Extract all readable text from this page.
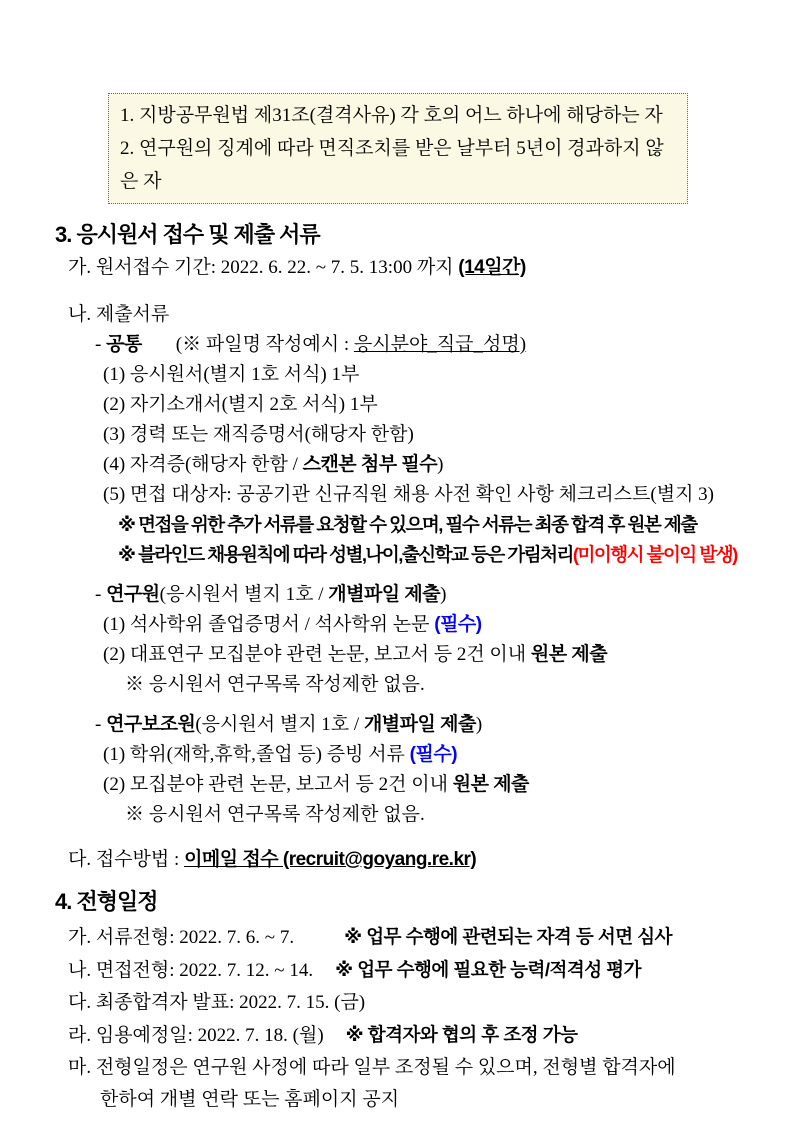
1. 지방공무원법 제31조(결격사유) 각 호의 어느 하나에 해당하는 자
2. 연구원의 징계에 따라 면직조치를 받은 날부터 5년이 경과하지 않은 자
3. 응시원서 접수 및 제출 서류
가. 원서접수 기간: 2022. 6. 22. ~ 7. 5. 13:00 까지 (14일간)
나. 제출서류
- 공통 (※ 파일명 작성예시 : 응시분야_직급_성명)
(1) 응시원서(별지 1호 서식) 1부
(2) 자기소개서(별지 2호 서식) 1부
(3) 경력 또는 재직증명서(해당자 한함)
(4) 자격증(해당자 한함 / 스캔본 첨부 필수)
(5) 면접 대상자: 공공기관 신규직원 채용 사전 확인 사항 체크리스트(별지 3)
※ 면접을 위한 추가 서류를 요청할 수 있으며, 필수 서류는 최종 합격 후 원본 제출
※ 블라인드 채용원칙에 따라 성별,나이,출신학교 등은 가림처리(미이행시 불이익 발생)
- 연구원(응시원서 별지 1호 / 개별파일 제출)
(1) 석사학위 졸업증명서 / 석사학위 논문 (필수)
(2) 대표연구 모집분야 관련 논문, 보고서 등 2건 이내 원본 제출
※ 응시원서 연구목록 작성제한 없음.
- 연구보조원(응시원서 별지 1호 / 개별파일 제출)
(1) 학위(재학,휴학,졸업 등) 증빙 서류 (필수)
(2) 모집분야 관련 논문, 보고서 등 2건 이내 원본 제출
※ 응시원서 연구목록 작성제한 없음.
다. 접수방법 : 이메일 접수 (recruit@goyang.re.kr)
4. 전형일정
가. 서류전형: 2022. 7. 6. ~ 7.	※ 업무 수행에 관련되는 자격 등 서면 심사
나. 면접전형: 2022. 7. 12. ~ 14. ※ 업무 수행에 필요한 능력/적격성 평가
다. 최종합격자 발표: 2022. 7. 15. (금)
라. 임용예정일: 2022. 7. 18. (월) ※ 합격자와 협의 후 조정 가능
마. 전형일정은 연구원 사정에 따라 일부 조정될 수 있으며, 전형별 합격자에
한하여 개별 연락 또는 홈페이지 공지
